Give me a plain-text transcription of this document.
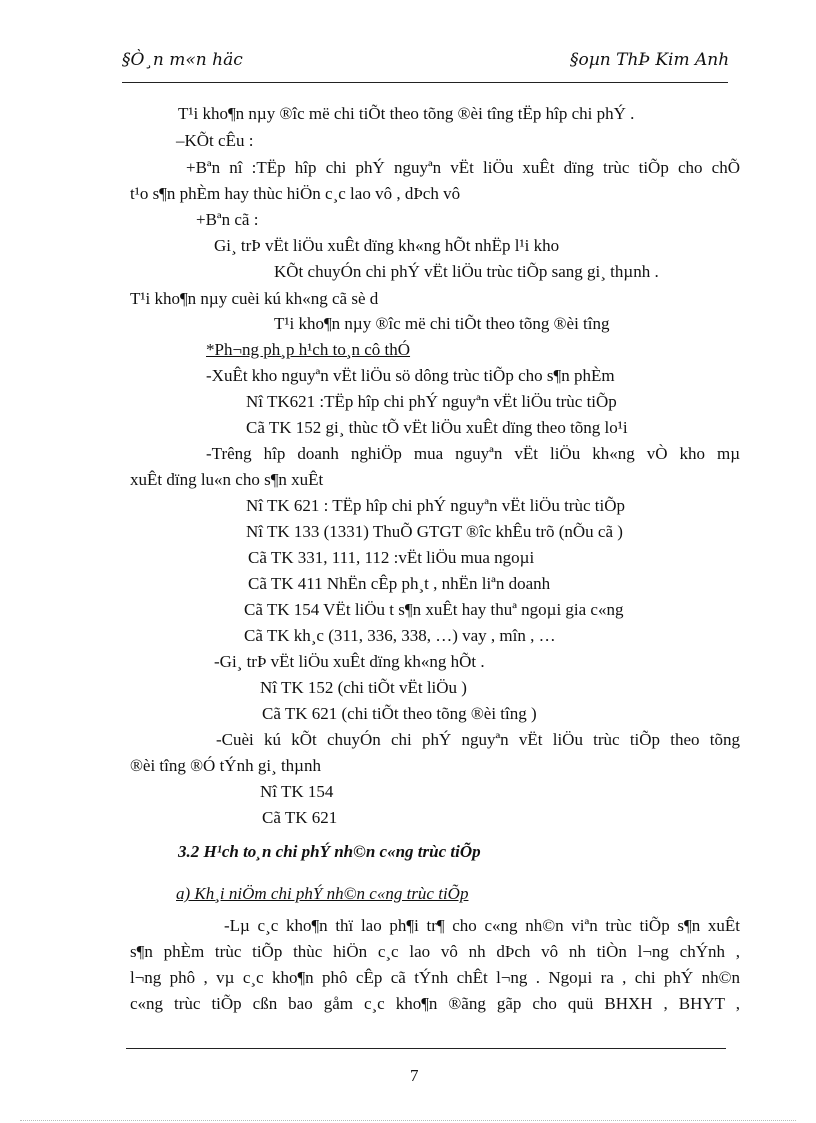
§Ò¸n m«n häc	§oµn ThÞ Kim Anh
T¹i kho¶n nµy ®îc më chi tiÕt theo tõng ®èi tîng tËp hîp chi phÝ .
–KÕt cÊu :
+Bªn nî :TËp hîp chi phÝ nguyªn vËt liÖu xuÊt dïng trùc tiÕp cho chÕ
t¹o s¶n phÈm hay thùc hiÖn c¸c lao vô , dÞch vô
+Bªn cã :
Gi¸ trÞ vËt liÖu xuÊt dïng kh«ng hÕt nhËp l¹i kho
KÕt chuyÓn chi phÝ vËt liÖu trùc tiÕp sang gi¸ thµnh .
T¹i kho¶n nµy cuèi kú kh«ng cã sè d
T¹i kho¶n nµy ®îc më chi tiÕt theo tõng ®èi tîng
*Ph¬ng ph¸p h¹ch to¸n cô thÓ
-XuÊt kho nguyªn vËt liÖu sö dông trùc tiÕp cho s¶n phÈm
Nî TK621 :TËp hîp chi phÝ nguyªn vËt liÖu trùc tiÕp
Cã TK 152 gi¸ thùc tÕ vËt liÖu xuÊt dïng theo tõng lo¹i
-Trêng hîp doanh nghiÖp mua nguyªn vËt liÖu kh«ng vÒ kho mµ
xuÊt dïng lu«n cho s¶n xuÊt
Nî TK 621 : TËp hîp chi phÝ nguyªn vËt liÖu trùc tiÕp
Nî TK 133 (1331) ThuÕ GTGT ®îc khÊu trõ (nÕu cã )
Cã TK 331, 111, 112 :vËt liÖu mua ngoµi
Cã TK 411 NhËn cÊp ph¸t , nhËn liªn doanh
Cã TK 154 VËt liÖu t s¶n xuÊt hay thuª ngoµi gia c«ng
Cã TK kh¸c (311, 336, 338, …) vay , mîn , …
-Gi¸ trÞ vËt liÖu xuÊt dïng kh«ng hÕt .
Nî TK 152 (chi tiÕt vËt liÖu )
Cã TK 621 (chi tiÕt theo tõng ®èi tîng )
-Cuèi kú kÕt chuyÓn chi phÝ nguyªn vËt liÖu trùc tiÕp theo tõng
®èi tîng ®Ó tÝnh gi¸ thµnh
Nî TK 154
Cã TK 621
3.2 H¹ch to¸n chi phÝ nh©n c«ng trùc tiÕp
a) Kh¸i niÖm chi phÝ nh©n c«ng trùc tiÕp
-Lµ c¸c kho¶n thï lao ph¶i tr¶ cho c«ng nh©n viªn trùc tiÕp s¶n xuÊt
s¶n phÈm trùc tiÕp thùc hiÖn c¸c lao vô nh dÞch vô nh tiÒn l¬ng chÝnh ,
l¬ng phô , vµ c¸c kho¶n phô cÊp cã tÝnh chÊt l¬ng . Ngoµi ra , chi phÝ nh©n
c«ng trùc tiÕp cßn bao gåm c¸c kho¶n ®ãng gãp cho quü BHXH , BHYT ,
7
